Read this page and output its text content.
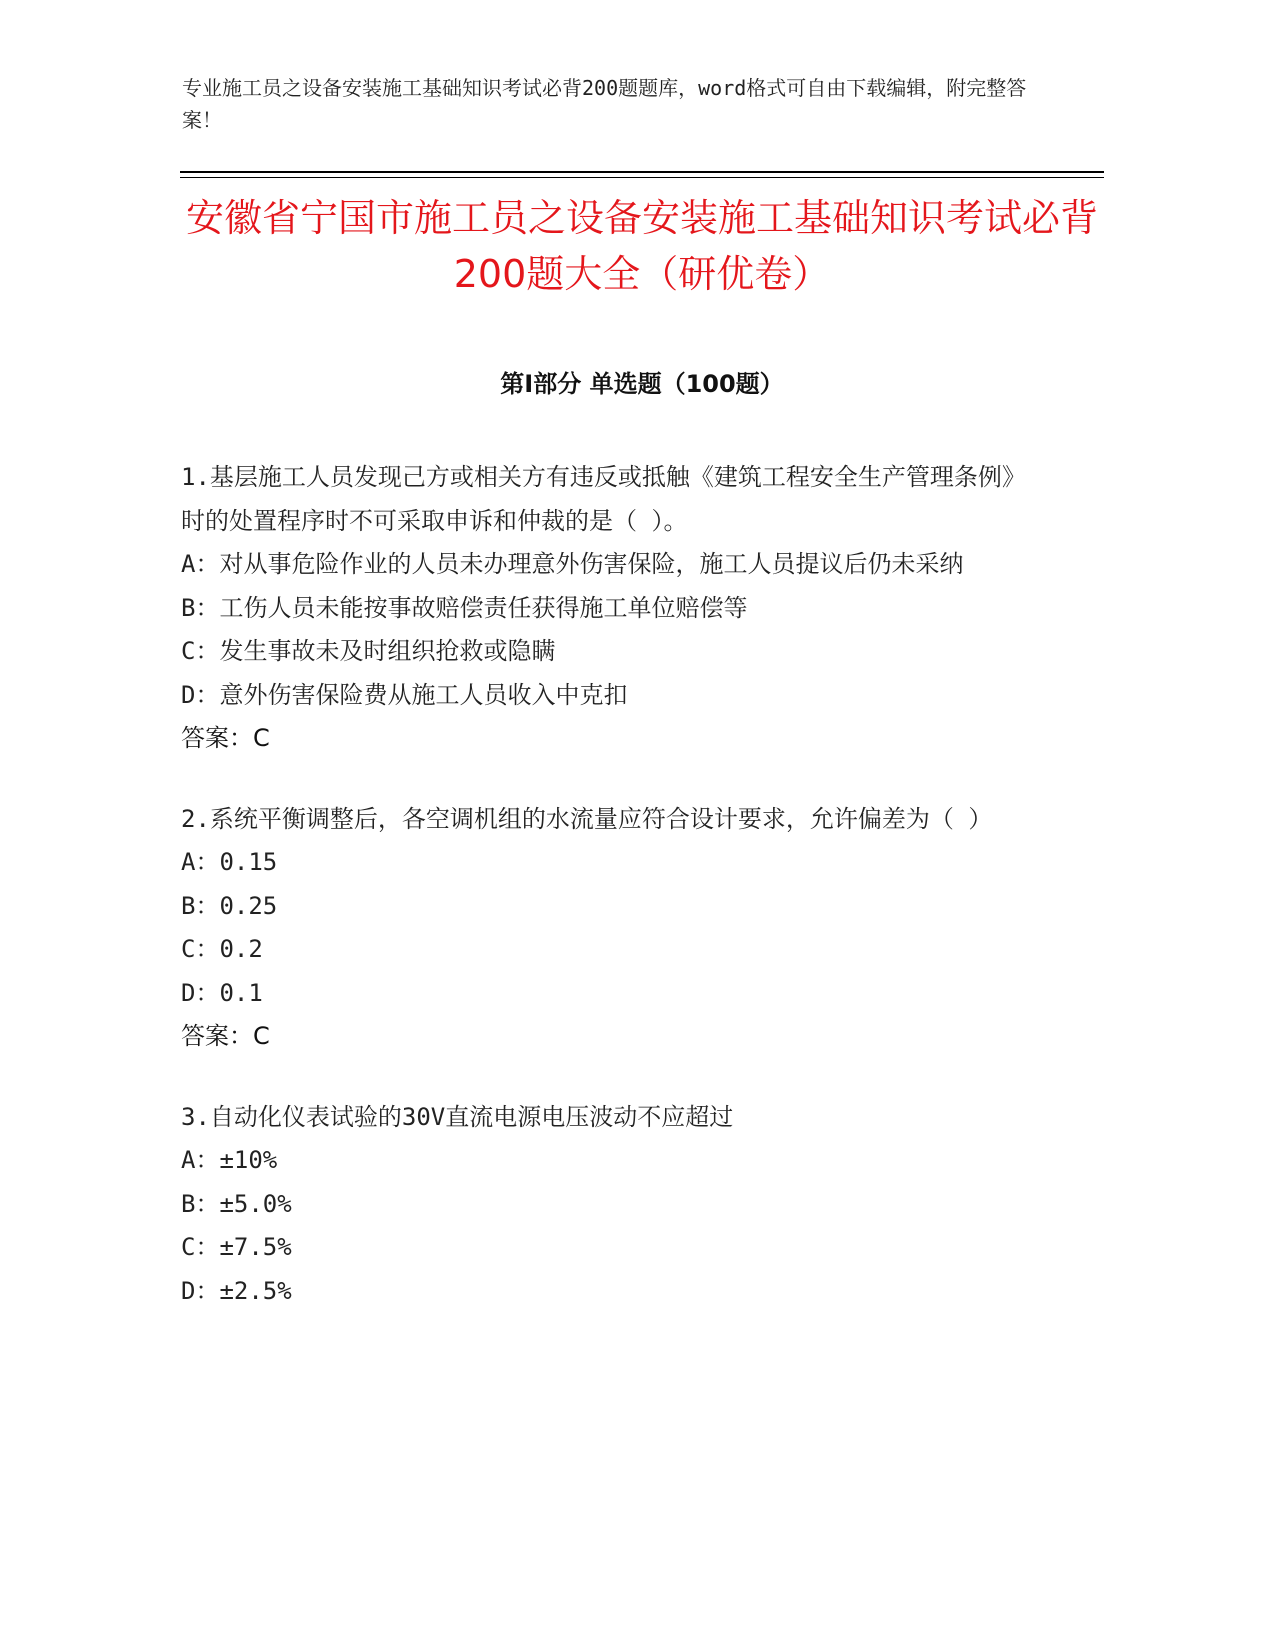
专业施工员之设备安装施工基础知识考试必背200题题库，word格式可自由下载编辑，附完整答案！
安徽省宁国市施工员之设备安装施工基础知识考试必背200题大全（研优卷）
第Ⅰ部分 单选题（100题）

1.基层施工人员发现己方或相关方有违反或抵触《建筑工程安全生产管理条例》时的处置程序时不可采取申诉和仲裁的是（ ）。

A：对从事危险作业的人员未办理意外伤害保险，施工人员提议后仍未采纳

B：工伤人员未能按事故赔偿责任获得施工单位赔偿等

C：发生事故未及时组织抢救或隐瞒

D：意外伤害保险费从施工人员收入中克扣

答案：C

2.系统平衡调整后，各空调机组的水流量应符合设计要求，允许偏差为（ ）

A：0.15

B：0.25

C：0.2

D：0.1

答案：C

3.自动化仪表试验的30V直流电源电压波动不应超过

A：±10%

B：±5.0%

C：±7.5%

D：±2.5%
